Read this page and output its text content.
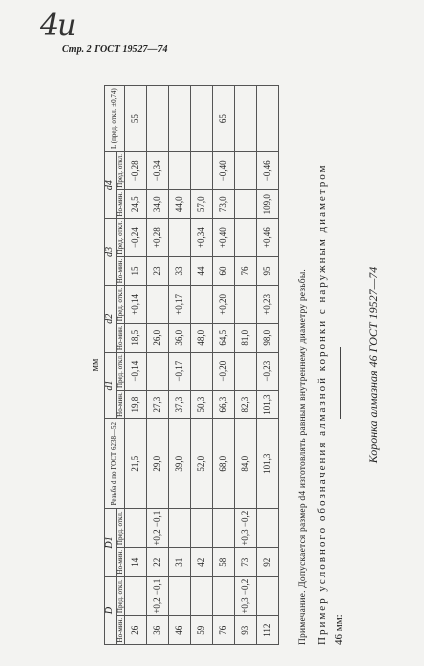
4u
Стр. 2 ГОСТ 19527—74
мм
D		D1		Резьба d по ГОСТ 6238—52	d1		d2		d3		d4		L (пред. откл. ±0,74)
Но-мин.	Пред. откл.	Но-мин.	Пред. откл.		Но-мин.	Пред. откл.	Но-мин.	Пред. откл.	Но-мин.	Пред. откл.	Но-мин.	Пред. откл.	
26		14		21,5	19,8	−0,14	18,5	+0,14	15	−0,24	24,5	−0,28	55
36	+0,2 −0,1	22	+0,2 −0,1	29,0	27,3		26,0		23	+0,28	34,0	−0,34	
46		31		39,0	37,3	−0,17	36,0	+0,17	33		44,0		
59		42		52,0	50,3		48,0		44	+0,34	57,0		
76		58		68,0	66,3	−0,20	64,5	+0,20	60	+0,40	73,0	−0,40	65
93	+0,3 −0,2	73	+0,3 −0,2	84,0	82,3		81,0		76				
112		92		101,3	101,3	−0,23	98,0	+0,23	95	+0,46	109,0	−0,46	
Примечание. Допускается размер d4 изготовлять равным внутреннему диаметру резьбы. Пример условного обозначения алмазной коронки с наружным диаметром 46 мм:
Коронка алмазная 46 ГОСТ 19527—74
